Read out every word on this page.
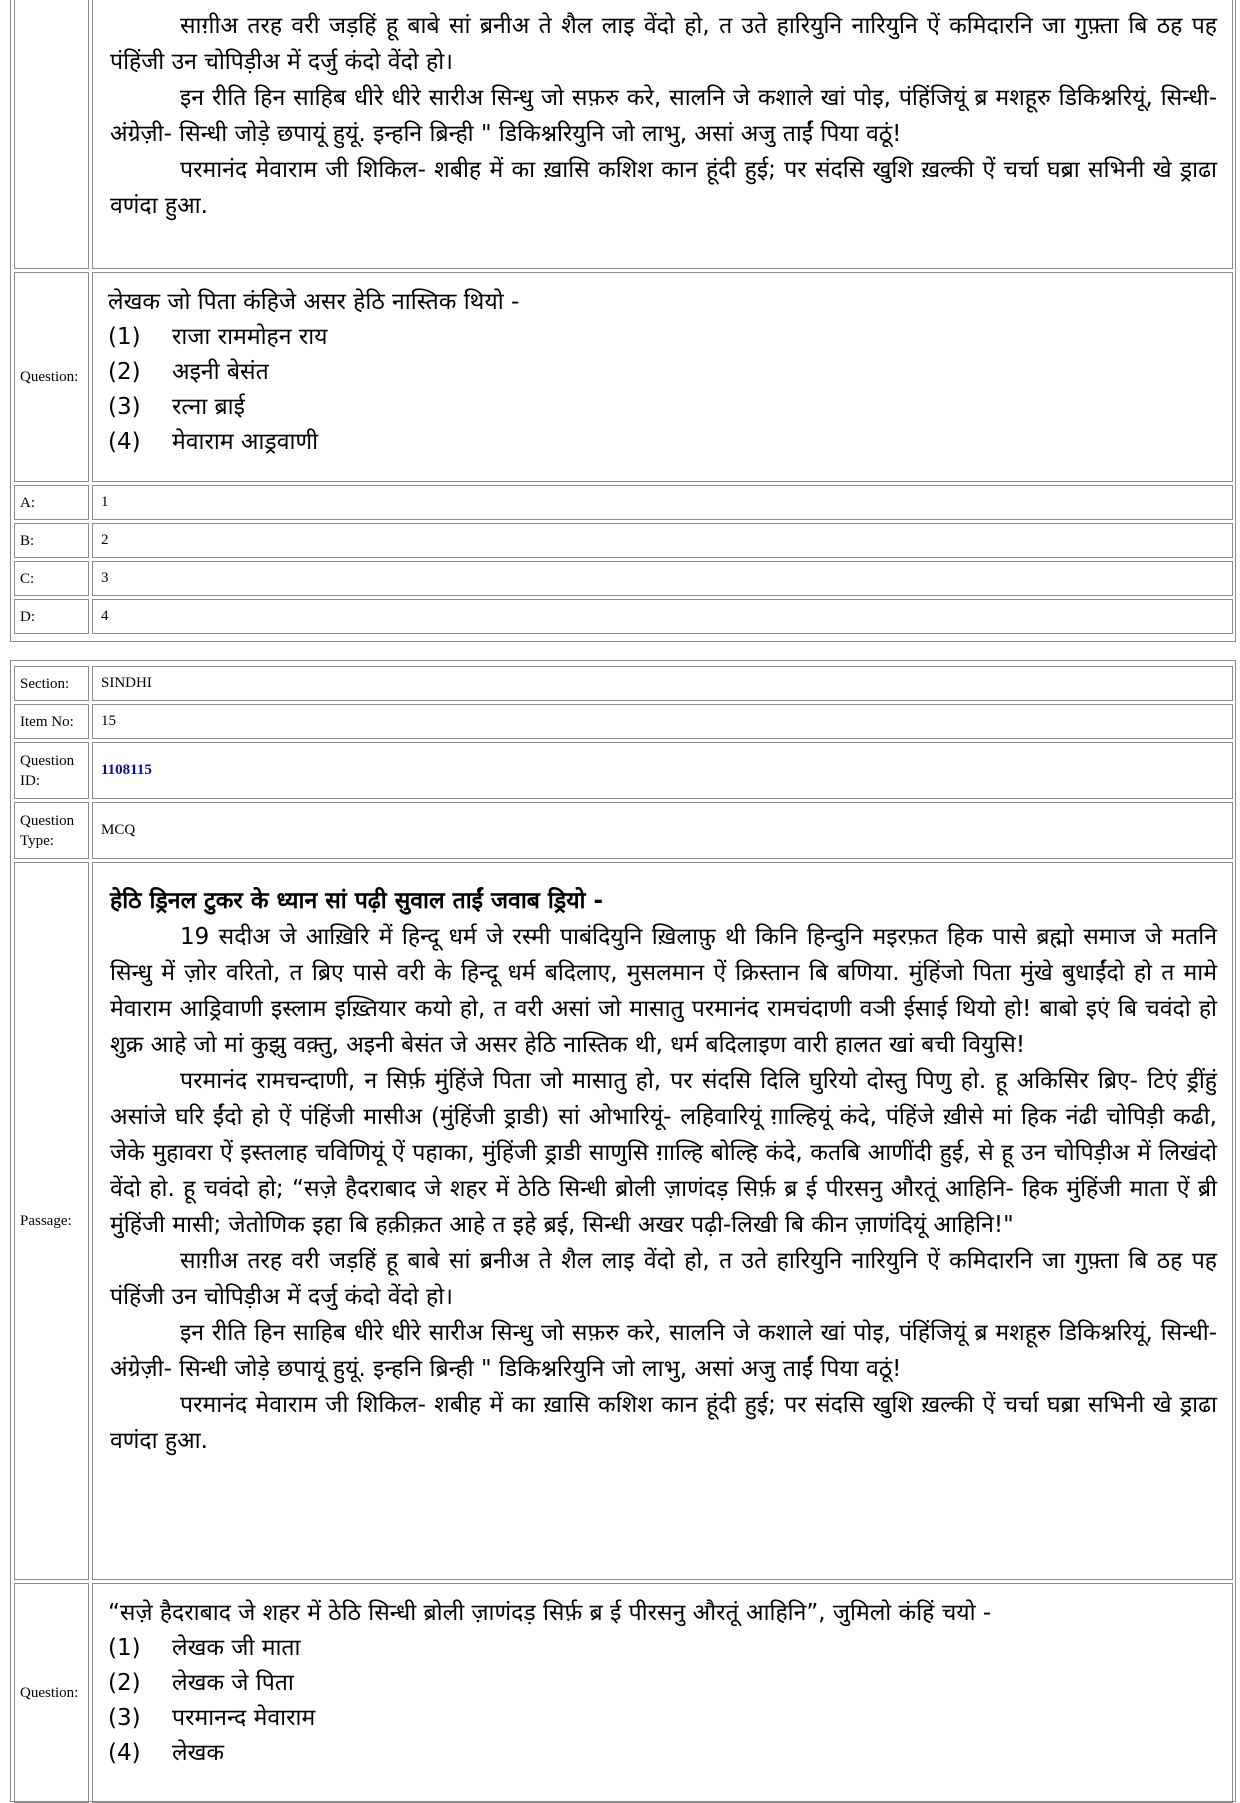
साग़ीअ तरह वरी जड़हिं हू बाबे सां ब्रनीअ ते शैल लाइ वेंदो हो, त उते हारियुनि नारियुनि ऐं कमिदारनि जा गुफ़्ता बि ठह पह पंहिंजी उन चोपिड़ीअ में दर्जु कंदो वेंदो हो।

इन रीति हिन साहिब धीरे धीरे सारीअ सिन्धु जो सफ़रु करे, सालनि जे कशाले खां पोइ, पंहिंजियूं ब्र मशहूरु डिकिश्नरियूं, सिन्धी- अंग्रेज़ी- सिन्धी जोड़े छपायूं हुयूं. इन्हनि ब्रिन्ही " डिकिश्नरियुनि जो लाभु, असां अजु ताईं पिया वठूं!

परमानंद मेवाराम जी शिकिल- शबीह में का ख़ासि कशिश कान हूंदी हुई; पर संदसि खुशि ख़ल्की ऐं चर्चा घब्रा सभिनी खे ड्राढा वणंदा हुआ.

Question:

लेखक जो पिता कंहिजे असर हेठि नास्तिक थियो -

(1)	राजा राममोहन राय
(2)	अइनी बेसंत
(3)	रत्ना ब्राई
(4)	मेवाराम आड्रवाणी
A:	1
B:	2
C:	3
D:	4
Section:	SINDHI
Item No:	15
Question ID:
1108115
Question Type:
MCQ
Passage:

हेठि ड्रिनल टुकर के ध्यान सां पढ़ी सुवाल ताईं जवाब ड्रियो -

19 सदीअ जे आख़िरि में हिन्दू धर्म जे रस्मी पाबंदियुनि ख़िलाफ़ु थी किनि हिन्दुनि मइरफ़त हिक पासे ब्रह्मो समाज जे मतनि सिन्धु में ज़ोर वरितो, त ब्रिए पासे वरी के हिन्दू धर्म बदिलाए, मुसलमान ऐं क्रिस्तान बि बणिया. मुंहिंजो पिता मुंखे बुधाईंदो हो त मामे मेवाराम आड्रिवाणी इस्लाम इख़्तियार कयो हो, त वरी असां जो मासातु परमानंद रामचंदाणी वञी ईसाई थियो हो! बाबो इएं बि चवंदो हो शुक्र आहे जो मां कुझु वक़्तु, अइनी बेसंत जे असर हेठि नास्तिक थी, धर्म बदिलाइण वारी हालत खां बची वियुसि!

परमानंद रामचन्दाणी, न सिर्फ़ मुंहिंजे पिता जो मासातु हो, पर संदसि दिलि घुरियो दोस्तु पिणु हो. हू अकिसिर ब्रिए- टिएं ड्रींहुं असांजे घरि ईंदो हो ऐं पंहिंजी मासीअ (मुंहिंजी ड्राडी) सां ओभारियूं- लहिवारियूं ग़ाल्हियूं कंदे, पंहिंजे ख़ीसे मां हिक नंढी चोपिड़ी कढी, जेके मुहावरा ऐं इस्तलाह चविणियूं ऐं पहाका, मुंहिंजी ड्राडी साणुसि ग़ाल्हि बोल्हि कंदे, कतबि आणींदी हुई, से हू उन चोपिड़ीअ में लिखंदो वेंदो हो. हू चवंदो हो; “सज़े हैदराबाद जे शहर में ठेठि सिन्धी ब्रोली ज़ाणंदड़ सिर्फ़ ब्र ई पीरसनु औरतूं आहिनि- हिक मुंहिंजी माता ऐं ब्री मुंहिंजी मासी; जेतोणिक इहा बि हक़ीक़त आहे त इहे ब्रई, सिन्धी अखर पढ़ी-लिखी बि कीन ज़ाणंदियूं आहिनि!"

साग़ीअ तरह वरी जड़हिं हू बाबे सां ब्रनीअ ते शैल लाइ वेंदो हो, त उते हारियुनि नारियुनि ऐं कमिदारनि जा गुफ़्ता बि ठह पह पंहिंजी उन चोपिड़ीअ में दर्जु कंदो वेंदो हो।

इन रीति हिन साहिब धीरे धीरे सारीअ सिन्धु जो सफ़रु करे, सालनि जे कशाले खां पोइ, पंहिंजियूं ब्र मशहूरु डिकिश्नरियूं, सिन्धी- अंग्रेज़ी- सिन्धी जोड़े छपायूं हुयूं. इन्हनि ब्रिन्ही " डिकिश्नरियुनि जो लाभु, असां अजु ताईं पिया वठूं!

परमानंद मेवाराम जी शिकिल- शबीह में का ख़ासि कशिश कान हूंदी हुई; पर संदसि खुशि ख़ल्की ऐं चर्चा घब्रा सभिनी खे ड्राढा वणंदा हुआ.

Question:

“सज़े हैदराबाद जे शहर में ठेठि सिन्धी ब्रोली ज़ाणंदड़ सिर्फ़ ब्र ई पीरसनु औरतूं आहिनि”, जुमिलो कंहिं चयो -

(1)	लेखक जी माता
(2)	लेखक जे पिता
(3)	परमानन्द मेवाराम
(4)	लेखक
